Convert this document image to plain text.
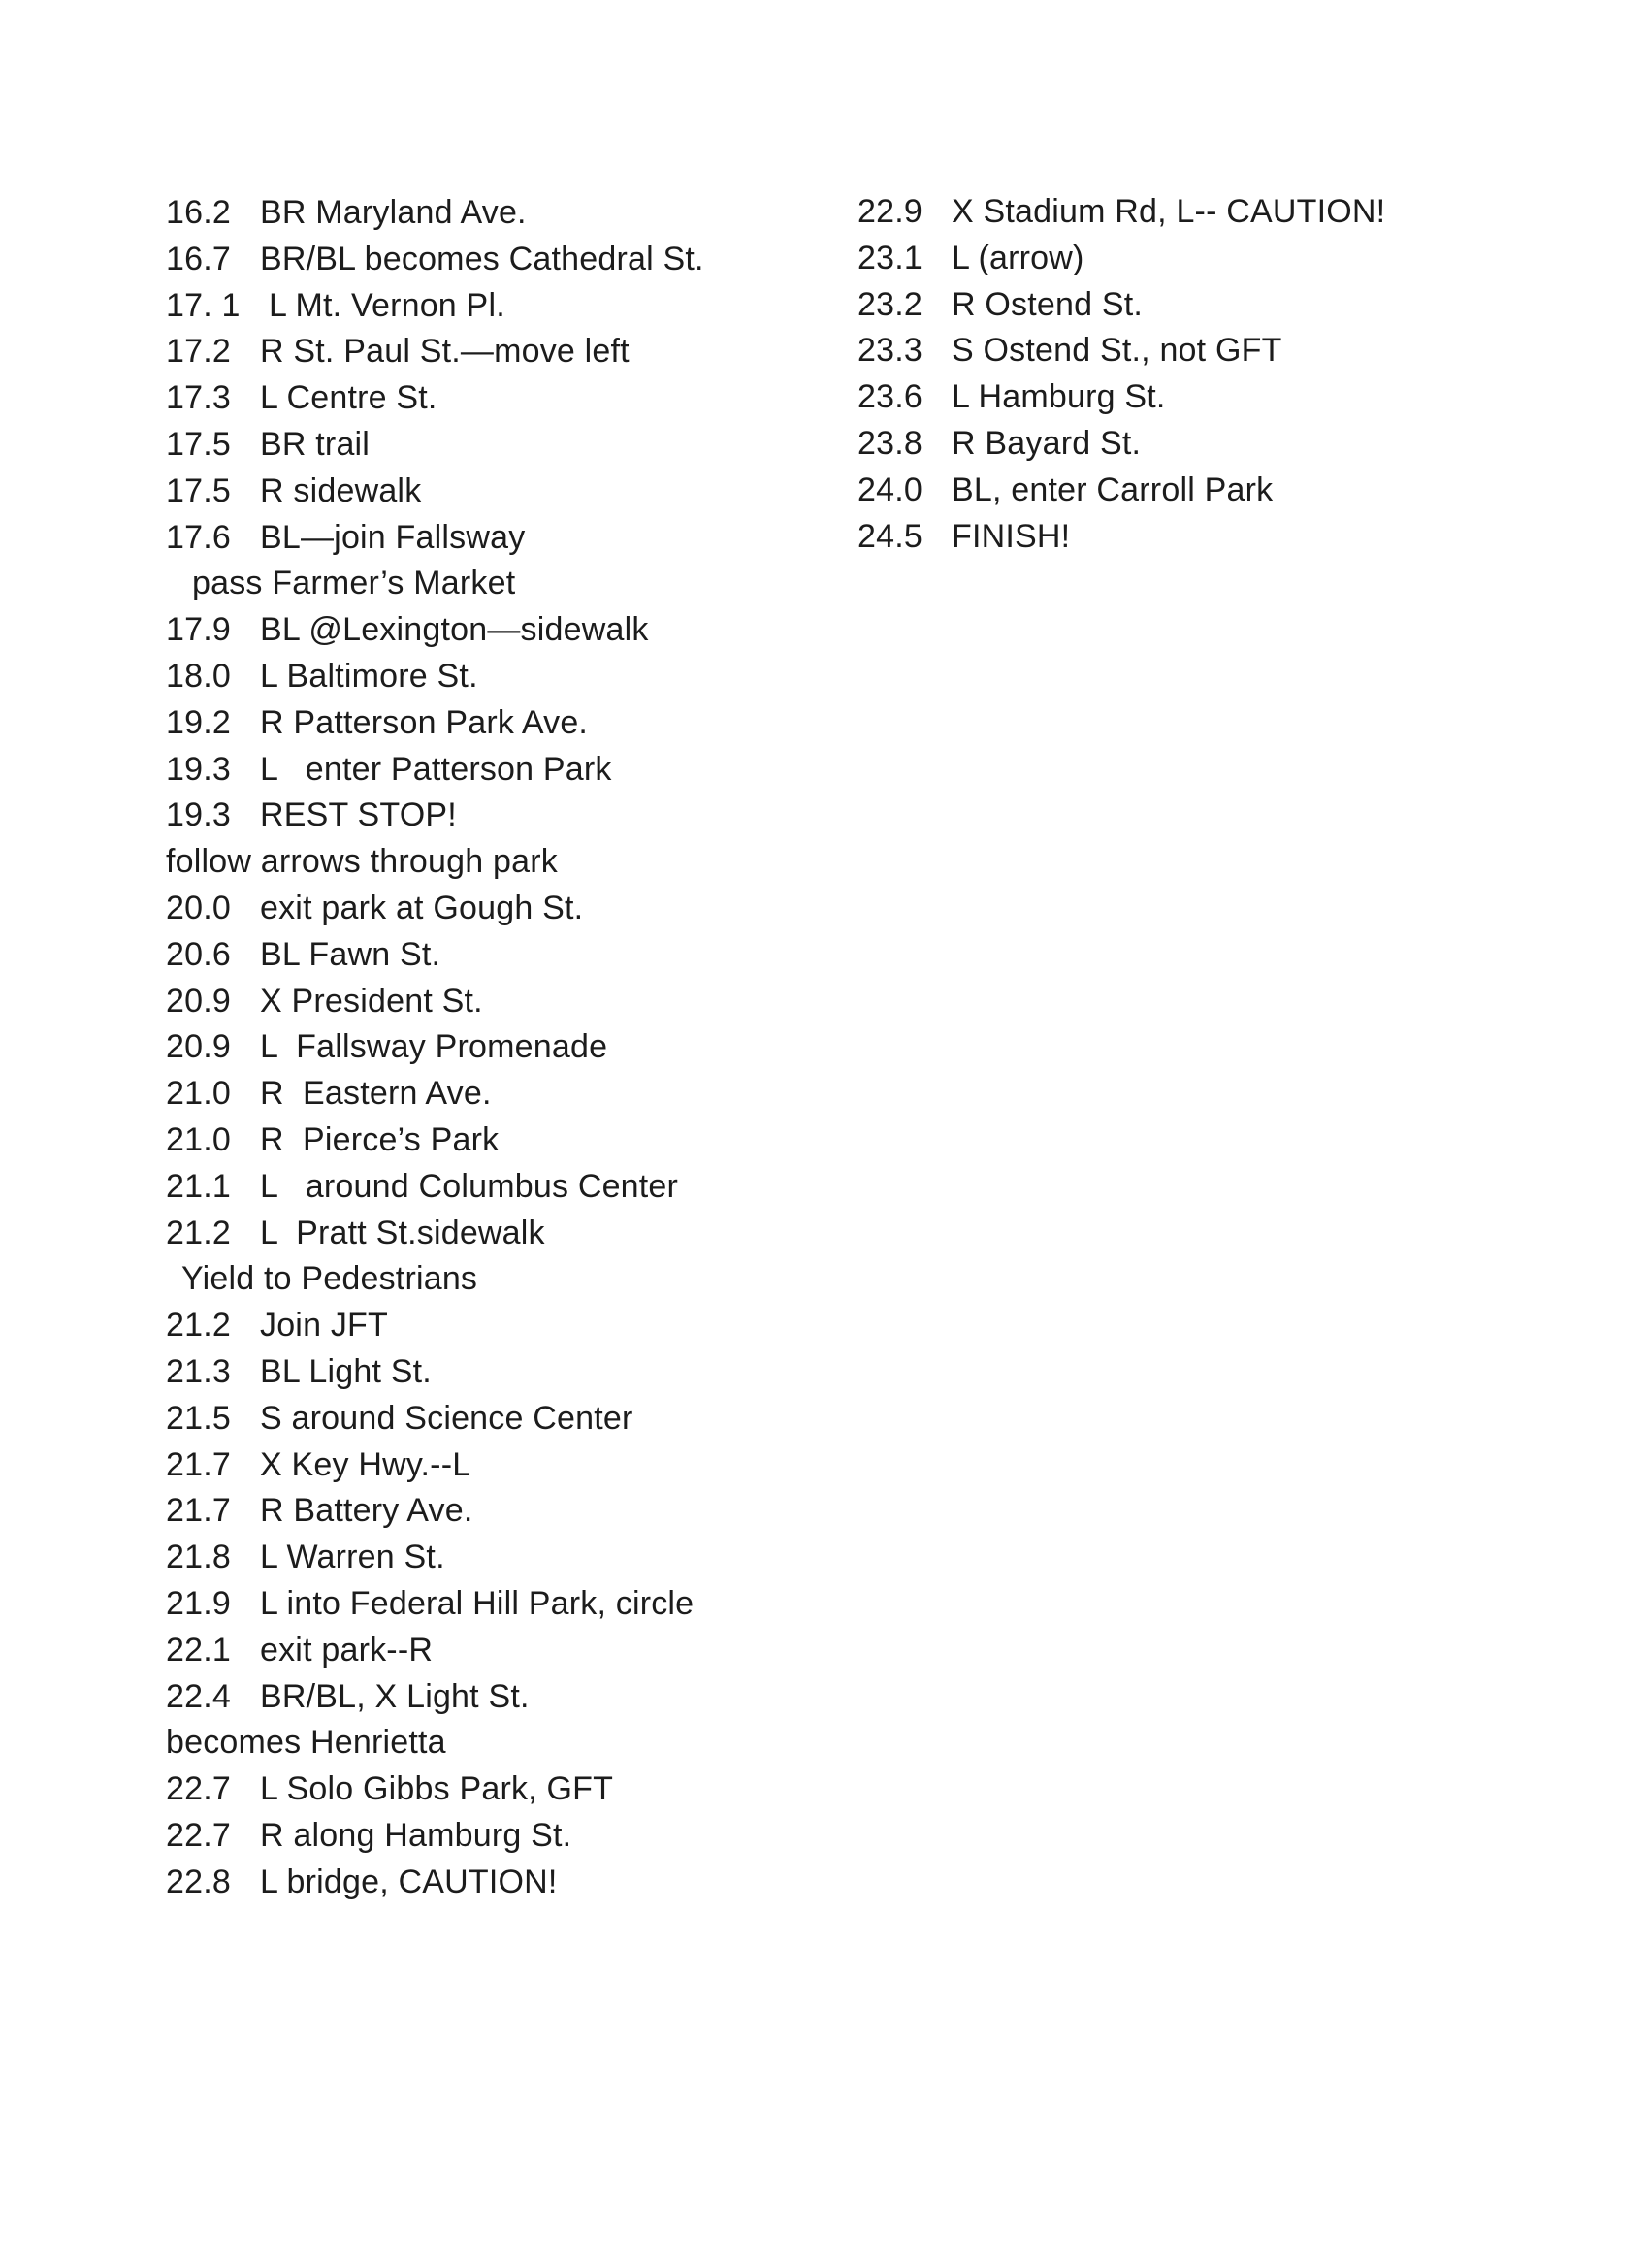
16.2 BR Maryland Ave.
16.7 BR/BL becomes Cathedral St.
17. 1 L Mt. Vernon Pl.
17.2 R St. Paul St.—move left
17.3 L Centre St.
17.5 BR trail
17.5 R sidewalk
17.6 BL—join Fallsway
pass Farmer’s Market
17.9 BL @Lexington—sidewalk
18.0 L Baltimore St.
19.2 R Patterson Park Ave.
19.3 L   enter Patterson Park
19.3 REST STOP!
follow arrows through park
20.0 exit park at Gough St.
20.6 BL Fawn St.
20.9 X President St.
20.9 L  Fallsway Promenade
21.0 R  Eastern Ave.
21.0 R  Pierce’s Park
21.1 L   around Columbus Center
21.2 L  Pratt St.sidewalk
Yield to Pedestrians
21.2 Join JFT
21.3 BL Light St.
21.5 S around Science Center
21.7 X Key Hwy.--L
21.7 R Battery Ave.
21.8 L Warren St.
21.9 L into Federal Hill Park, circle
22.1 exit park--R
22.4 BR/BL, X Light St.
becomes Henrietta
22.7 L Solo Gibbs Park, GFT
22.7 R along Hamburg St.
22.8 L bridge, CAUTION!
22.9 X Stadium Rd, L-- CAUTION!
23.1 L (arrow)
23.2 R Ostend St.
23.3 S Ostend St., not GFT
23.6 L Hamburg St.
23.8 R Bayard St.
24.0 BL, enter Carroll Park
24.5 FINISH!
